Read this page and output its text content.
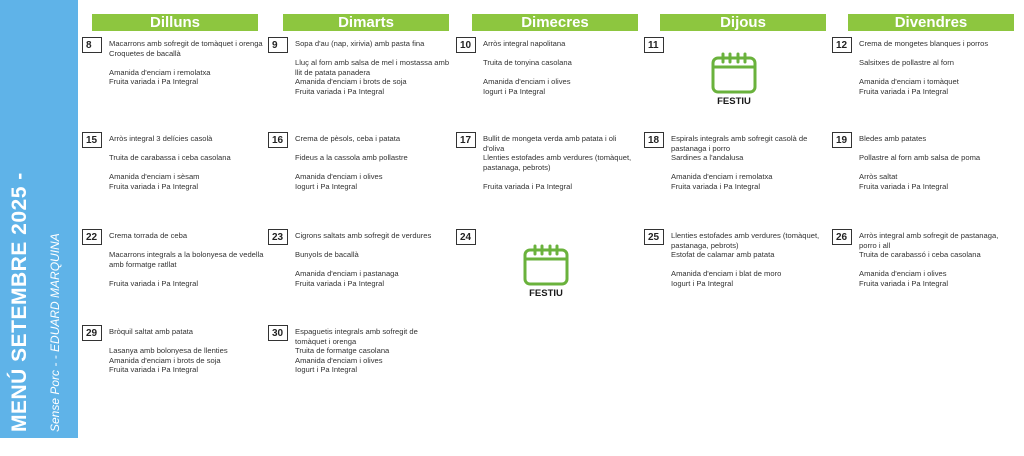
MENÚ SETEMBRE 2025 - Sense Porc - - EDUARD MARQUINA
Dilluns	Dimarts	Dimecres	Dijous	Divendres
8	Macarrons amb sofregit de tomàquet i orenga
Croquetes de bacallà
Amanida d'enciam i remolatxa
Fruita variada i Pa Integral
9	Sopa d'au (nap, xirivia) amb pasta fina
Lluç al forn amb salsa de mel i mostassa amb llit de patata panadera
Amanida d'enciam i brots de soja
Fruita variada i Pa Integral
10	Arròs integral napolitana
Truita de tonyina casolana
Amanida d'enciam i olives
Iogurt i Pa Integral
11
FESTIU
12	Crema de mongetes blanques i porros
Salsitxes de pollastre al forn
Amanida d'enciam i tomàquet
Fruita variada i Pa Integral
15	Arròs integral 3 delícies casolà
Truita de carabassa i ceba casolana
Amanida d'enciam i sèsam
Fruita variada i Pa Integral
16	Crema de pèsols, ceba i patata
Fideus a la cassola amb pollastre
Amanida d'enciam i olives
Iogurt i Pa Integral
17	Bullit de mongeta verda amb patata i oli d'oliva
Llenties estofades amb verdures (tomàquet, pastanaga, pebrots)
Fruita variada i Pa Integral
18	Espirals integrals amb sofregit casolà de pastanaga i porro
Sardines a l'andalusa
Amanida d'enciam i remolatxa
Fruita variada i Pa Integral
19	Bledes amb patates
Pollastre al forn amb salsa de poma
Arròs saltat
Fruita variada i Pa Integral
22	Crema torrada de ceba
Macarrons integrals a la bolonyesa de vedella amb formatge ratllat
Fruita variada i Pa Integral
23	Cigrons saltats amb sofregit de verdures
Bunyols de bacallà
Amanida d'enciam i pastanaga
Fruita variada i Pa Integral
24
FESTIU
25	Llenties estofades amb verdures (tomàquet, pastanaga, pebrots)
Estofat de calamar amb patata
Amanida d'enciam i blat de moro
Iogurt i Pa Integral
26	Arròs integral amb sofregit de pastanaga, porro i all
Truita de carabassó i ceba casolana
Amanida d'enciam i olives
Fruita variada i Pa Integral
29	Bròquil saltat amb patata
Lasanya amb bolonyesa de llenties
Amanida d'enciam i brots de soja
Fruita variada i Pa Integral
30	Espaguetis integrals amb sofregit de tomàquet i orenga
Truita de formatge casolana
Amanida d'enciam i olives
Iogurt i Pa Integral
